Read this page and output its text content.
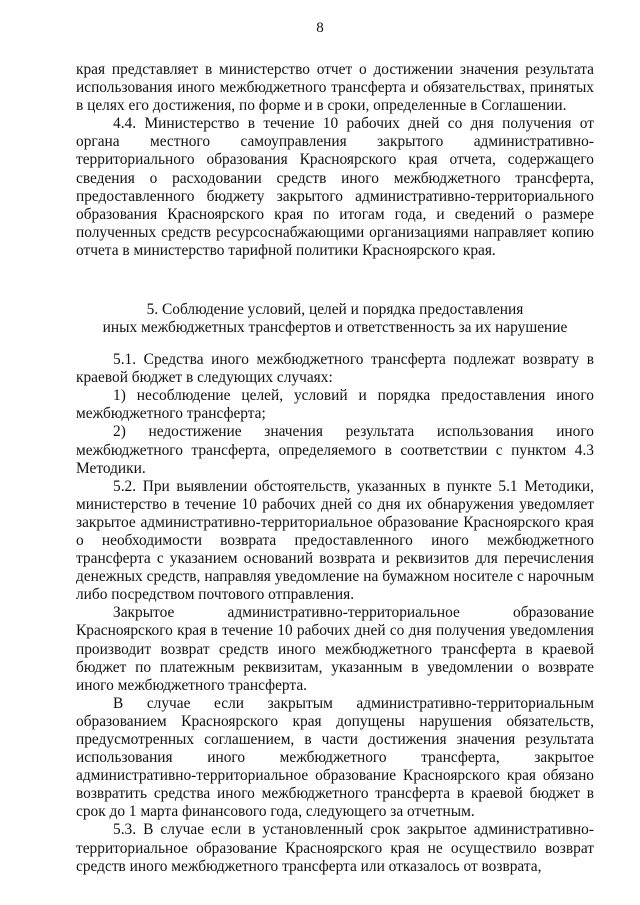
8

края представляет в министерство отчет о достижении значения результата использования иного межбюджетного трансферта и обязательствах, принятых в целях его достижения, по форме и в сроки, определенные в Соглашении.

4.4. Министерство в течение 10 рабочих дней со дня получения от органа местного самоуправления закрытого административно-территориального образования Красноярского края отчета, содержащего сведения о расходовании средств иного межбюджетного трансферта, предоставленного бюджету закрытого административно-территориального образования Красноярского края по итогам года, и сведений о размере полученных средств ресурсоснабжающими организациями направляет копию отчета в министерство тарифной политики Красноярского края.

5. Соблюдение условий, целей и порядка предоставления
иных межбюджетных трансфертов и ответственность за их нарушение

5.1. Средства иного межбюджетного трансферта подлежат возврату в краевой бюджет в следующих случаях:

1) несоблюдение целей, условий и порядка предоставления иного межбюджетного трансферта;

2) недостижение значения результата использования иного межбюджетного трансферта, определяемого в соответствии с пунктом 4.3 Методики.

5.2. При выявлении обстоятельств, указанных в пункте 5.1 Методики, министерство в течение 10 рабочих дней со дня их обнаружения уведомляет закрытое административно-территориальное образование Красноярского края о необходимости возврата предоставленного иного межбюджетного трансферта с указанием оснований возврата и реквизитов для перечисления денежных средств, направляя уведомление на бумажном носителе с нарочным либо посредством почтового отправления.

Закрытое административно-территориальное образование Красноярского края в течение 10 рабочих дней со дня получения уведомления производит возврат средств иного межбюджетного трансферта в краевой бюджет по платежным реквизитам, указанным в уведомлении о возврате иного межбюджетного трансферта.

В случае если закрытым административно-территориальным образованием Красноярского края допущены нарушения обязательств, предусмотренных соглашением, в части достижения значения результата использования иного межбюджетного трансферта, закрытое административно-территориальное образование Красноярского края обязано возвратить средства иного межбюджетного трансферта в краевой бюджет в срок до 1 марта финансового года, следующего за отчетным.

5.3. В случае если в установленный срок закрытое административно-территориальное образование Красноярского края не осуществило возврат средств иного межбюджетного трансферта или отказалось от возврата,
